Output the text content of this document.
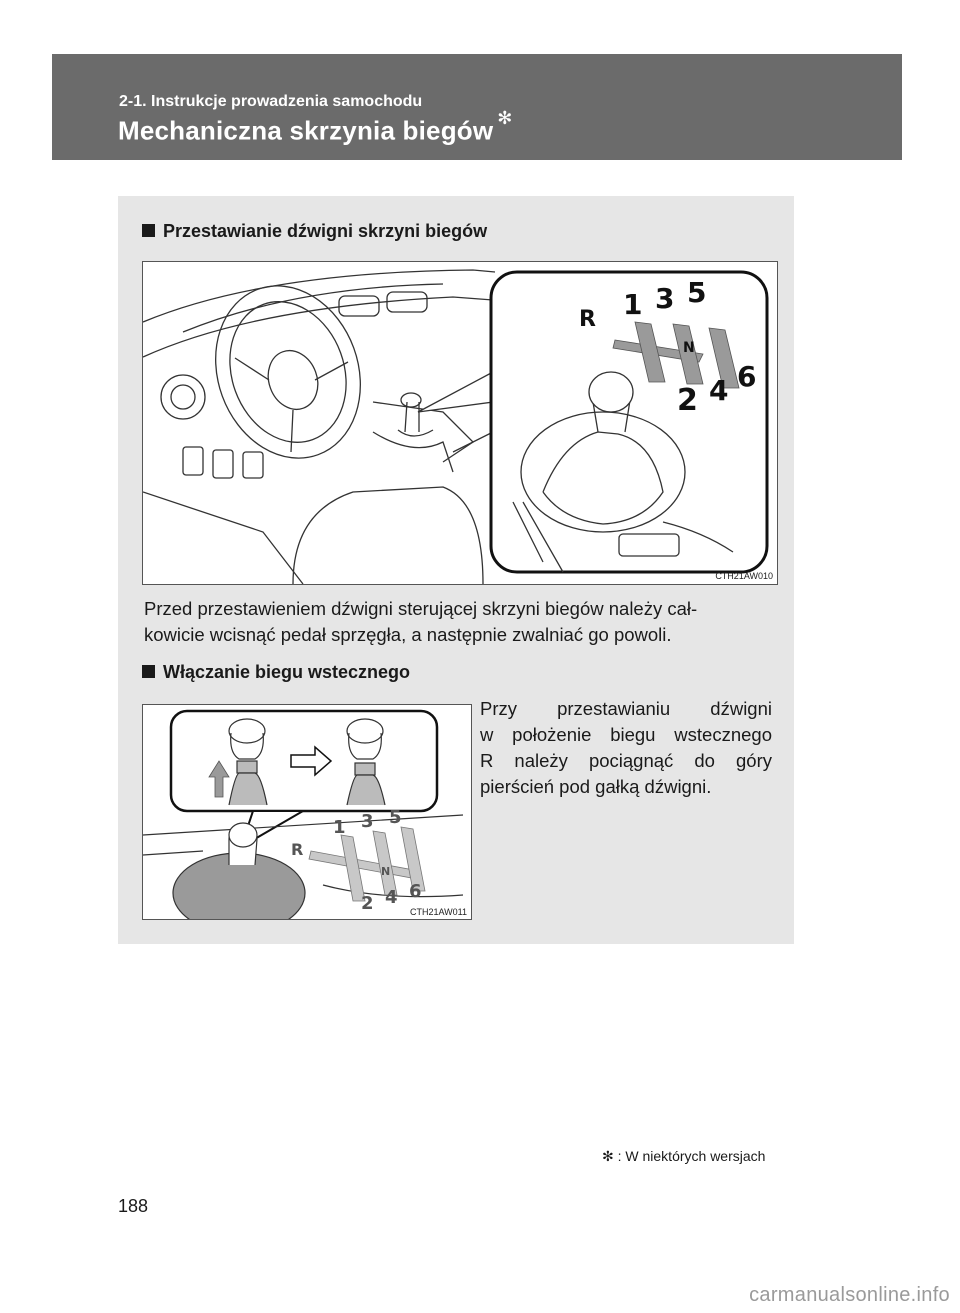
2-1. Instrukcje prowadzenia samochodu
Mechaniczna skrzynia biegów ✻
Przestawianie dźwigni skrzyni biegów
R 1 3 5
N
2 4 6
CTH21AW010
Przed przestawieniem dźwigni sterującej skrzyni biegów należy cał-
kowicie wcisnąć pedał sprzęgła, a następnie zwalniać go powoli.
Włączanie biegu wstecznego
R
1 3 5
N
2 4 6
CTH21AW011
Przy przestawianiu dźwigni
w położenie biegu wstecznego
R należy pociągnąć do góry
pierścień pod gałką dźwigni.
✻ : W niektórych wersjach
188
carmanualsonline.info
